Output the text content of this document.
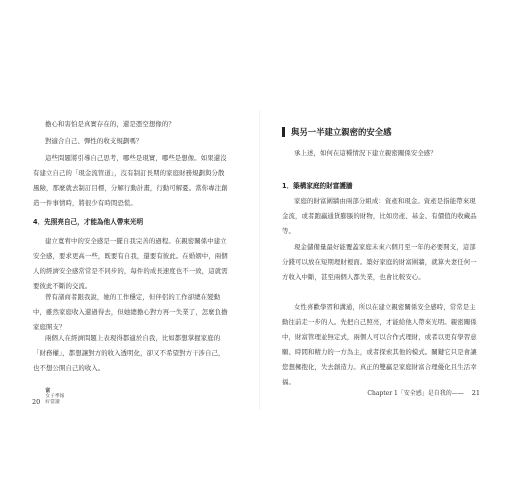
擔心和害怕是真實存在的，還是憑空想像的？

對適合自己、彈性的收支規劃嗎？

這些問題將引導自己思考，哪些是現實，哪些是想像。如果還沒有建立自己的「現金流管道」，沒有制訂長期的家庭財務規劃與分散風險，那麼就去制訂目標，分解行動計畫，行動可解憂。當你專注創造一件事情時，將很少有時間恐慌。

4．先照亮自己，才能為他人帶來光明

建立寬宥中的安全感是一擺自我完善的過程。在親密關係中建立安全感，要求更高一些，既要有自我，還要有彼此。在婚姻中，兩個人的經濟安全感常常是不同步的，每件的成長速度也不一致，這就需要彼此不斷的交流。

曾有諸商者跟我說，她的工作穩定，但伴侶的工作卻總在變動中，雖然家庭收入還過得去，但她總擔心對方再一失業了，怎麼負擔家庭開支？

兩個人在經濟問題上表現得都適於自我，比如都想掌握家庭的「財務權」，都想讓對方的收入透明化，卻又不希望對方干涉自己，也不想公開自己的收入。

20
富
女子季報
好當讀
與另一半建立親密的安全感

承上述，如何在這種情況下建立親密關係安全感？

1．築構家庭的財富護牆

家庭的財富圍牆由兩部分組成：資產和現金。資產是指能帶來現金流，或者跑贏通貨膨脹的財物，比如房產、基金、有價值的收藏品等。

現金儲備量最好能覆蓋家庭未來六個月至一年的必要開支，這部分錢可以放在短期理財裡面。築好家庭的財富圍牆，就算夫妻任何一方收入中斷，甚至兩個人都失業，也會比較安心。

女性喜歡學習和溝通，所以在建立親密關係安全感時，常常是主動往前走一步的人。先把自己照亮，才能給他人帶來光明。親密關係中，財富管理並無定式，兩個人可以合作式理財，或者以更有學習意願、時間和精力的一方為主，或者探索其他的模式。關鍵它只是會讓您想擁抱化，失去創造力。真正的雙贏是家庭財富合理優化且生活幸福。

Chapter 1「安全感」是自我的—— 21
